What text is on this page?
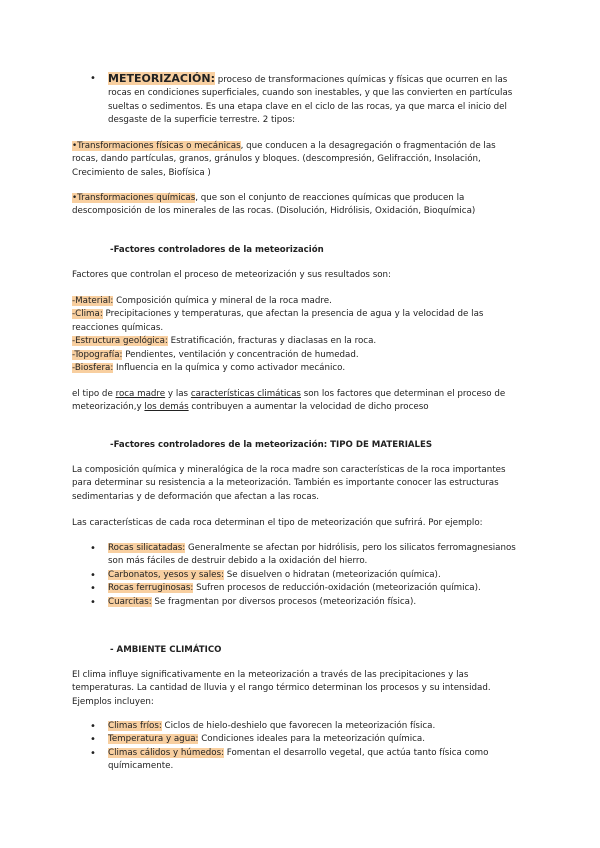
• METEORIZACIÓN: proceso de transformaciones químicas y físicas que ocurren en las rocas en condiciones superficiales, cuando son inestables, y que las convierten en partículas sueltas o sedimentos. Es una etapa clave en el ciclo de las rocas, ya que marca el inicio del desgaste de la superficie terrestre. 2 tipos:
•Transformaciones físicas o mecánicas, que conducen a la desagregación o fragmentación de las rocas, dando partículas, granos, gránulos y bloques. (descompresión, Gelifracción, Insolación, Crecimiento de sales, Biofísica )
•Transformaciones químicas, que son el conjunto de reacciones químicas que producen la descomposición de los minerales de las rocas. (Disolución, Hidrólisis, Oxidación, Bioquímica)
-Factores controladores de la meteorización
Factores que controlan el proceso de meteorización y sus resultados son:
-Material: Composición química y mineral de la roca madre.
-Clima: Precipitaciones y temperaturas, que afectan la presencia de agua y la velocidad de las reacciones químicas.
-Estructura geológica: Estratificación, fracturas y diaclasas en la roca.
-Topografía: Pendientes, ventilación y concentración de humedad.
-Biosfera: Influencia en la química y como activador mecánico.
el tipo de roca madre y las características climáticas son los factores que determinan el proceso de meteorización,y los demás contribuyen a aumentar la velocidad de dicho proceso
-Factores controladores de la meteorización: TIPO DE MATERIALES
La composición química y mineralógica de la roca madre son características de la roca importantes para determinar su resistencia a la meteorización. También es importante conocer las estructuras sedimentarias y de deformación que afectan a las rocas.
Las características de cada roca determinan el tipo de meteorización que sufrirá. Por ejemplo:
• Rocas silicatadas: Generalmente se afectan por hidrólisis, pero los silicatos ferromagnesianos son más fáciles de destruir debido a la oxidación del hierro.
• Carbonatos, yesos y sales: Se disuelven o hidratan (meteorización química).
• Rocas ferruginosas: Sufren procesos de reducción-oxidación (meteorización química).
• Cuarcitas: Se fragmentan por diversos procesos (meteorización física).
- AMBIENTE CLIMÁTICO
El clima influye significativamente en la meteorización a través de las precipitaciones y las temperaturas. La cantidad de lluvia y el rango térmico determinan los procesos y su intensidad. Ejemplos incluyen:
• Climas fríos: Ciclos de hielo-deshielo que favorecen la meteorización física.
• Temperatura y agua: Condiciones ideales para la meteorización química.
• Climas cálidos y húmedos: Fomentan el desarrollo vegetal, que actúa tanto física como químicamente.
